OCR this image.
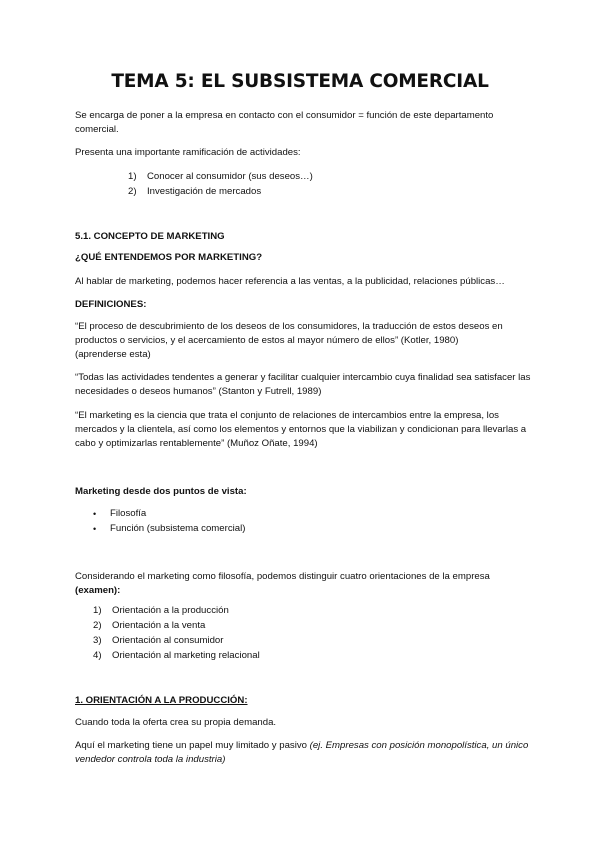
TEMA 5: EL SUBSISTEMA COMERCIAL

Se encarga de poner a la empresa en contacto con el consumidor = función de este departamento comercial.

Presenta una importante ramificación de actividades:

1)	Conocer al consumidor (sus deseos…)
2)	Investigación de mercados

5.1. CONCEPTO DE MARKETING

¿QUÉ ENTENDEMOS POR MARKETING?

Al hablar de marketing, podemos hacer referencia a las ventas, a la publicidad, relaciones públicas…

DEFINICIONES:

“El proceso de descubrimiento de los deseos de los consumidores, la traducción de estos deseos en productos o servicios, y el acercamiento de estos al mayor número de ellos” (Kotler, 1980)

(aprenderse esta)

“Todas las actividades tendentes a generar y facilitar cualquier intercambio cuya finalidad sea satisfacer las necesidades o deseos humanos” (Stanton y Futrell, 1989)

“El marketing es la ciencia que trata el conjunto de relaciones de intercambios entre la empresa, los mercados y la clientela, así como los elementos y entornos que la viabilizan y condicionan para llevarlas a cabo y optimizarlas rentablemente” (Muñoz Oñate, 1994)

Marketing desde dos puntos de vista:

•	Filosofía
•	Función (subsistema comercial)

Considerando el marketing como filosofía, podemos distinguir cuatro orientaciones de la empresa
(examen):

1)	Orientación a la producción
2)	Orientación a la venta
3)	Orientación al consumidor
4)	Orientación al marketing relacional

1. ORIENTACIÓN A LA PRODUCCIÓN:

Cuando toda la oferta crea su propia demanda.

Aquí el marketing tiene un papel muy limitado y pasivo (ej. Empresas con posición monopolística, un único vendedor controla toda la industria)
